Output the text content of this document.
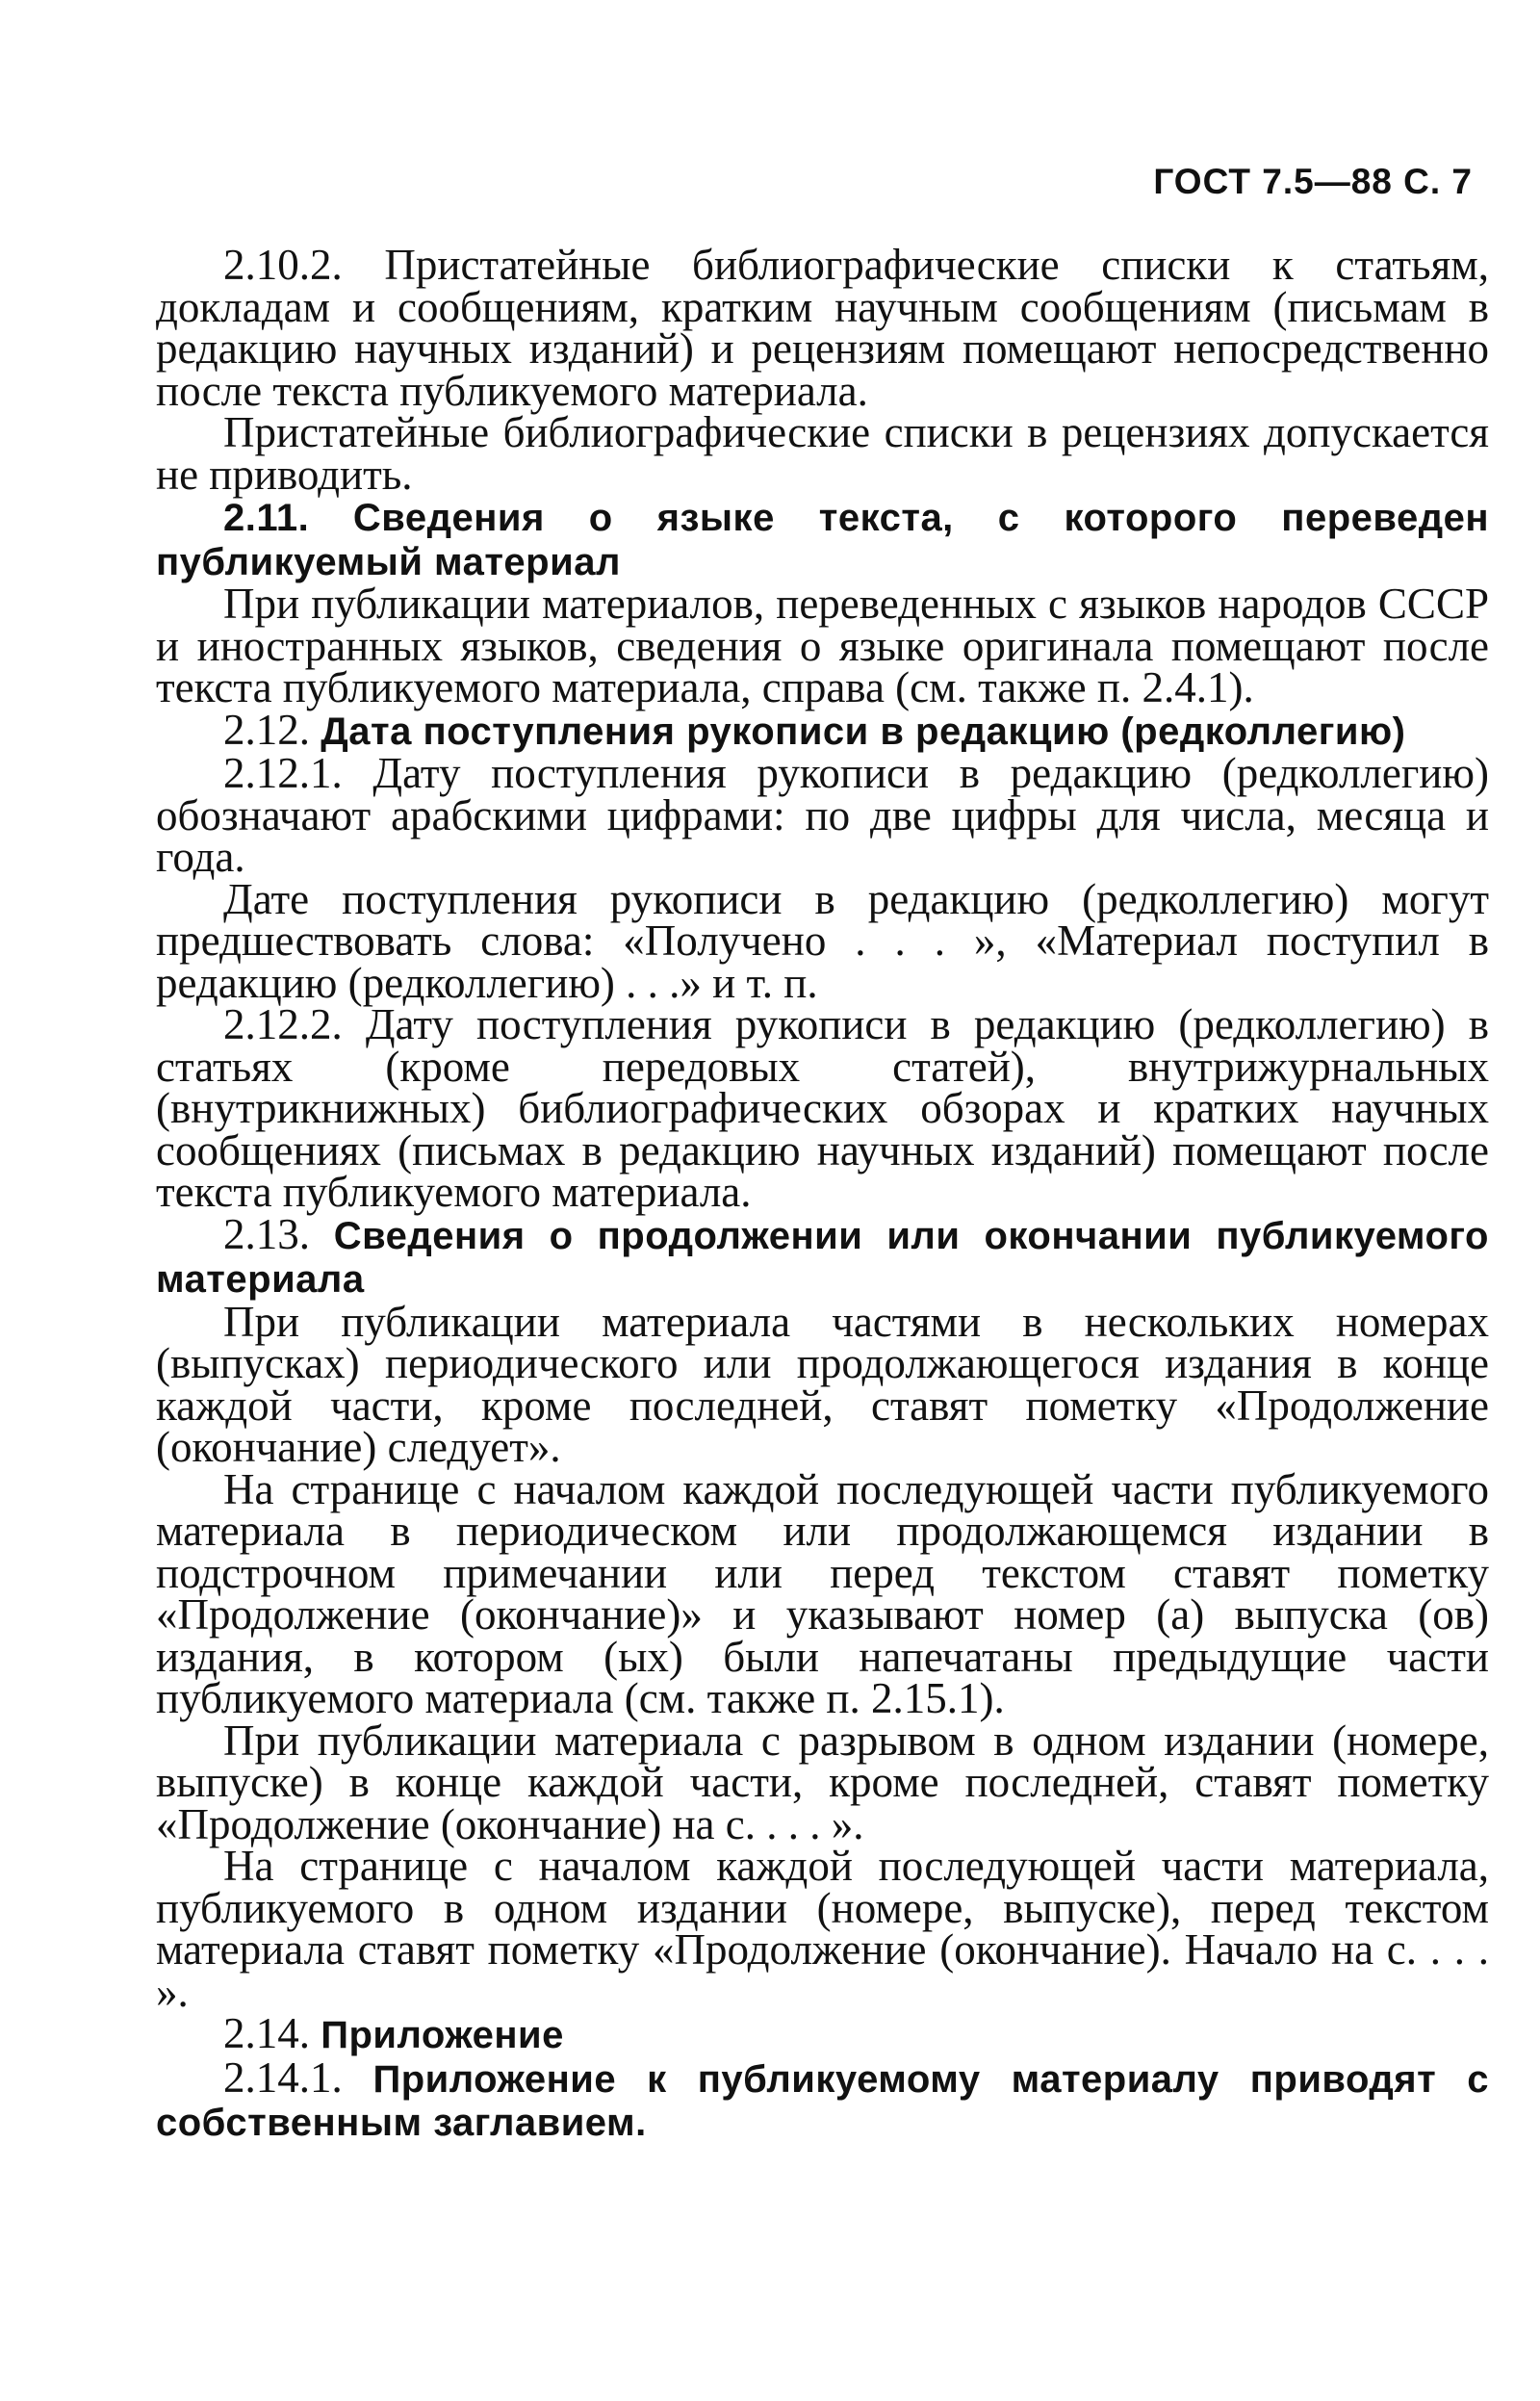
ГОСТ 7.5—88 С. 7

2.10.2. Пристатейные библиографические списки к статьям, докладам и сообщениям, кратким научным сообщениям (письмам в редакцию научных изданий) и рецензиям помещают непосредственно после текста публикуемого материала.

Пристатейные библиографические списки в рецензиях допускается не приводить.

2.11. Сведения о языке текста, с которого переведен публикуемый материал

При публикации материалов, переведенных с языков народов СССР и иностранных языков, сведения о языке оригинала помещают после текста публикуемого материала, справа (см. также п. 2.4.1).

2.12. Дата поступления рукописи в редакцию (редколлегию)

2.12.1. Дату поступления рукописи в редакцию (редколлегию) обозначают арабскими цифрами: по две цифры для числа, месяца и года.

Дате поступления рукописи в редакцию (редколлегию) могут предшествовать слова: «Получено . . . », «Материал поступил в редакцию (редколлегию) . . .» и т. п.

2.12.2. Дату поступления рукописи в редакцию (редколлегию) в статьях (кроме передовых статей), внутрижурнальных (внутрикнижных) библиографических обзорах и кратких научных сообщениях (письмах в редакцию научных изданий) помещают после текста публикуемого материала.

2.13. Сведения о продолжении или окончании публикуемого материала

При публикации материала частями в нескольких номерах (выпусках) периодического или продолжающегося издания в конце каждой части, кроме последней, ставят пометку «Продолжение (окончание) следует».

На странице с началом каждой последующей части публикуемого материала в периодическом или продолжающемся издании в подстрочном примечании или перед текстом ставят пометку «Продолжение (окончание)» и указывают номер (а) выпуска (ов) издания, в котором (ых) были напечатаны предыдущие части публикуемого материала (см. также п. 2.15.1).

При публикации материала с разрывом в одном издании (номере, выпуске) в конце каждой части, кроме последней, ставят пометку «Продолжение (окончание) на с. . . . ».

На странице с началом каждой последующей части материала, публикуемого в одном издании (номере, выпуске), перед текстом материала ставят пометку «Продолжение (окончание). Начало на с. . . . ».

2.14. Приложение

2.14.1. Приложение к публикуемому материалу приводят с собственным заглавием.
